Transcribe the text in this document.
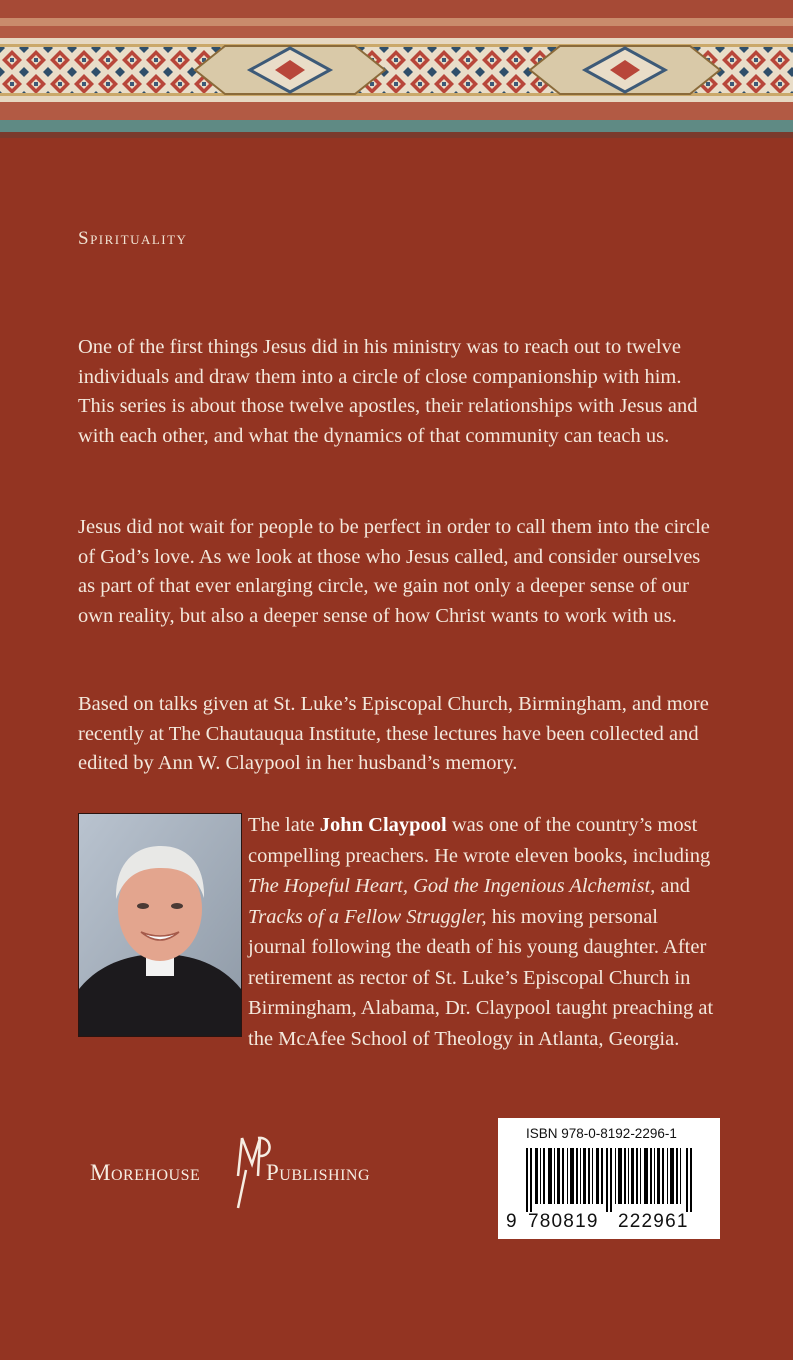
Spirituality

One of the first things Jesus did in his ministry was to reach out to twelve individuals and draw them into a circle of close companionship with him. This series is about those twelve apostles, their relationships with Jesus and with each other, and what the dynamics of that community can teach us.

Jesus did not wait for people to be perfect in order to call them into the circle of God’s love. As we look at those who Jesus called, and consider ourselves as part of that ever enlarging circle, we gain not only a deeper sense of our own reality, but also a deeper sense of how Christ wants to work with us.

Based on talks given at St. Luke’s Episcopal Church, Birmingham, and more recently at The Chautauqua Institute, these lectures have been collected and edited by Ann W. Claypool in her husband’s memory.

The late John Claypool was one of the country’s most compelling preachers. He wrote eleven books, including The Hopeful Heart, God the Ingenious Alchemist, and Tracks of a Fellow Struggler, his moving personal journal following the death of his young daughter. After retirement as rector of St. Luke’s Episcopal Church in Birmingham, Alabama, Dr. Claypool taught preaching at the McAfee School of Theology in Atlanta, Georgia.

Morehouse	Publishing
ISBN 978-0-8192-2296-1
9 780819 222961
